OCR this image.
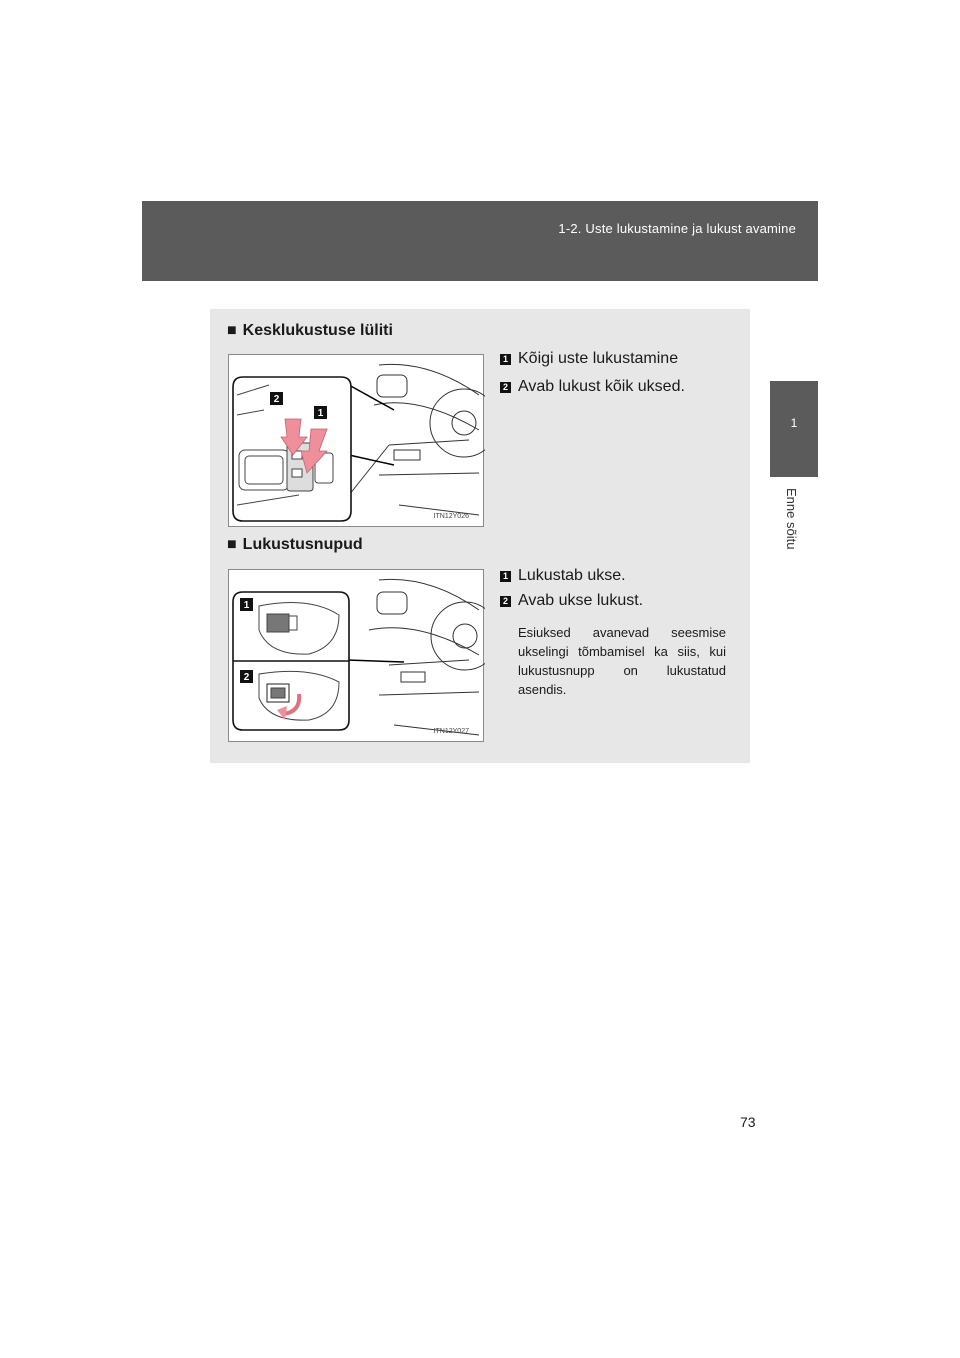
1-2. Uste lukustamine ja lukust avamine
1
Enne sõitu
■ Kesklukustuse lüliti
2
1
ITN12Y026
1 Kõigi uste lukustamine
2 Avab lukust kõik uksed.
■ Lukustusnupud
1
2
ITN12Y027
1 Lukustab ukse.
2 Avab ukse lukust.
Esiuksed avanevad seesmise ukselingi tõmbamisel ka siis, kui lukustusnupp on lukustatud asendis.
73
